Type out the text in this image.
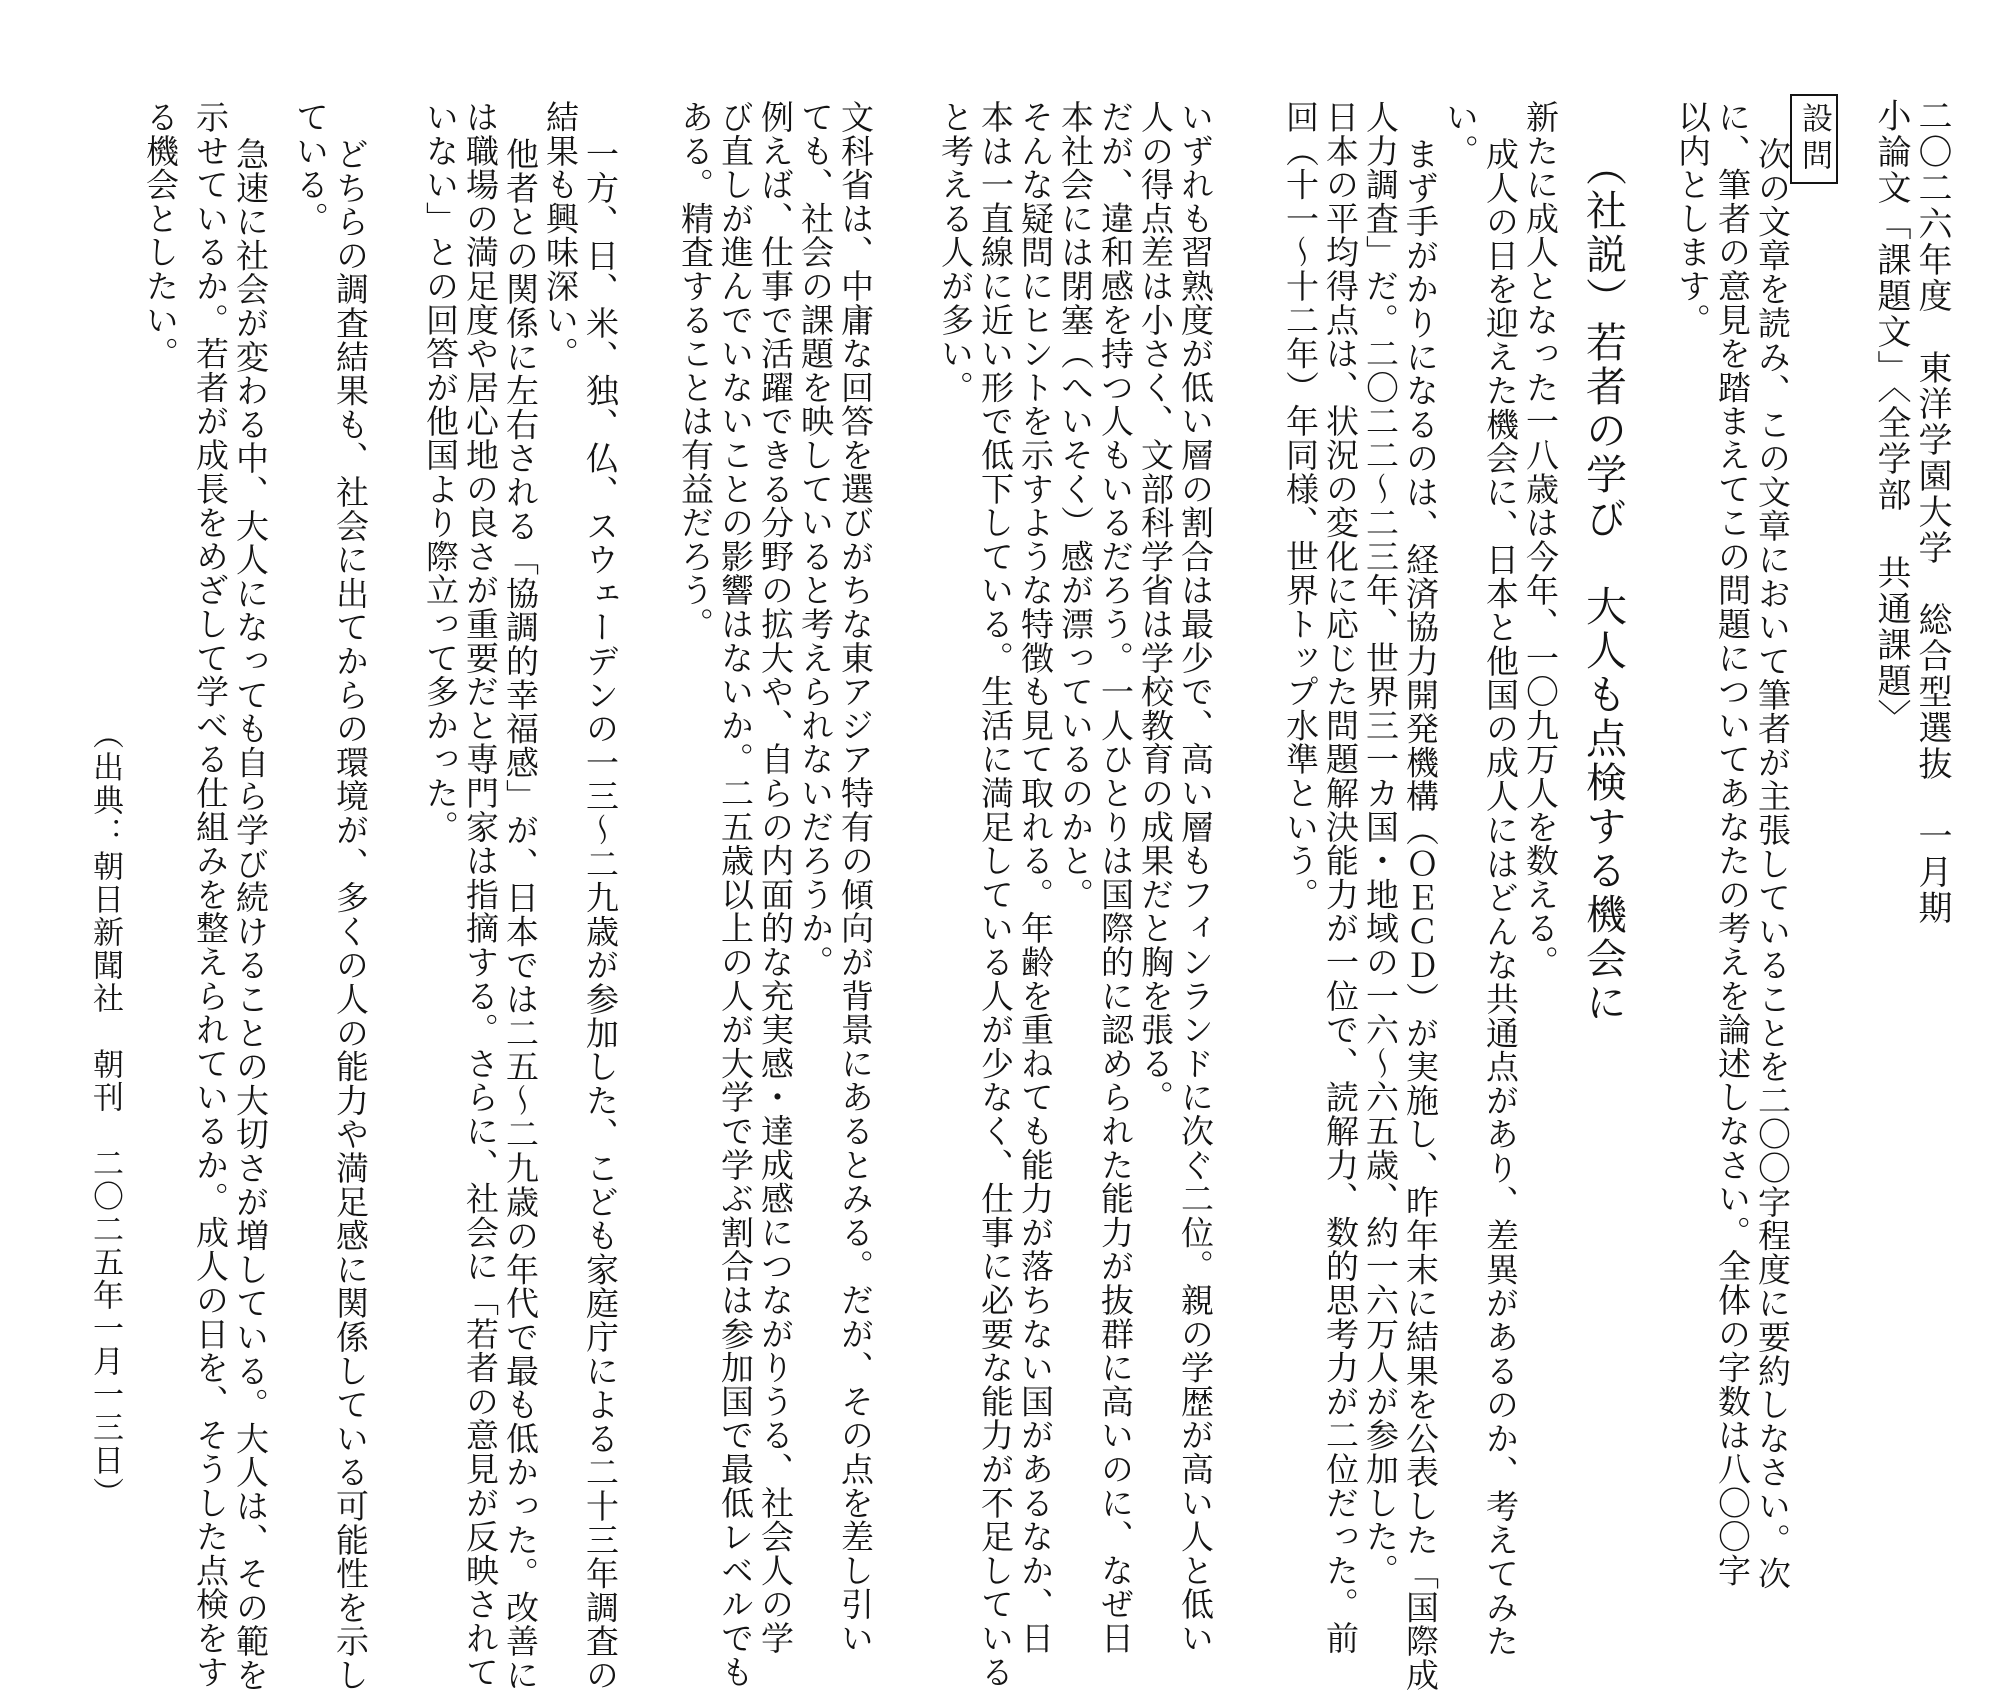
二〇二六年度　東洋学園大学　総合型選抜　一月期
小論文「課題文」〈全学部 共通課題〉
設問
次の文章を読み、この文章において筆者が主張していることを二〇〇字程度に要約しなさい。次
に、筆者の意見を踏まえてこの問題についてあなたの考えを論述しなさい。全体の字数は八〇〇字
以内とします。
（社説）若者の学び　大人も点検する機会に
新たに成人となった一八歳は今年、一〇九万人を数える。
成人の日を迎えた機会に、日本と他国の成人にはどんな共通点があり、差異があるのか、考えてみた
い。
まず手がかりになるのは、経済協力開発機構（ＯＥＣＤ）が実施し、昨年末に結果を公表した「国際成
人力調査」だ。二〇二二～二三年、世界三一カ国・地域の一六～六五歳、約一六万人が参加した。
日本の平均得点は、状況の変化に応じた問題解決能力が一位で、読解力、数的思考力が二位だった。前
回（十一～十二年）年同様、世界トップ水準という。
いずれも習熟度が低い層の割合は最少で、高い層もフィンランドに次ぐ二位。親の学歴が高い人と低い
人の得点差は小さく、文部科学省は学校教育の成果だと胸を張る。
だが、違和感を持つ人もいるだろう。一人ひとりは国際的に認められた能力が抜群に高いのに、なぜ日
本社会には閉塞（へいそく）感が漂っているのかと。
そんな疑問にヒントを示すような特徴も見て取れる。年齢を重ねても能力が落ちない国があるなか、日
本は一直線に近い形で低下している。生活に満足している人が少なく、仕事に必要な能力が不足している
と考える人が多い。
文科省は、中庸な回答を選びがちな東アジア特有の傾向が背景にあるとみる。だが、その点を差し引い
ても、社会の課題を映していると考えられないだろうか。
例えば、仕事で活躍できる分野の拡大や、自らの内面的な充実感・達成感につながりうる、社会人の学
び直しが進んでいないことの影響はないか。二五歳以上の人が大学で学ぶ割合は参加国で最低レベルでも
ある。精査することは有益だろう。
一方、日、米、独、仏、スウェーデンの一三～二九歳が参加した、こども家庭庁による二十三年調査の
結果も興味深い。
他者との関係に左右される「協調的幸福感」が、日本では二五～二九歳の年代で最も低かった。改善に
は職場の満足度や居心地の良さが重要だと専門家は指摘する。さらに、社会に「若者の意見が反映されて
いない」との回答が他国より際立って多かった。
どちらの調査結果も、社会に出てからの環境が、多くの人の能力や満足感に関係している可能性を示し
ている。
急速に社会が変わる中、大人になっても自ら学び続けることの大切さが増している。大人は、その範を
示せているか。若者が成長をめざして学べる仕組みを整えられているか。成人の日を、そうした点検をす
る機会としたい。
（出典：朝日新聞社　朝刊　二〇二五年一月一三日）
